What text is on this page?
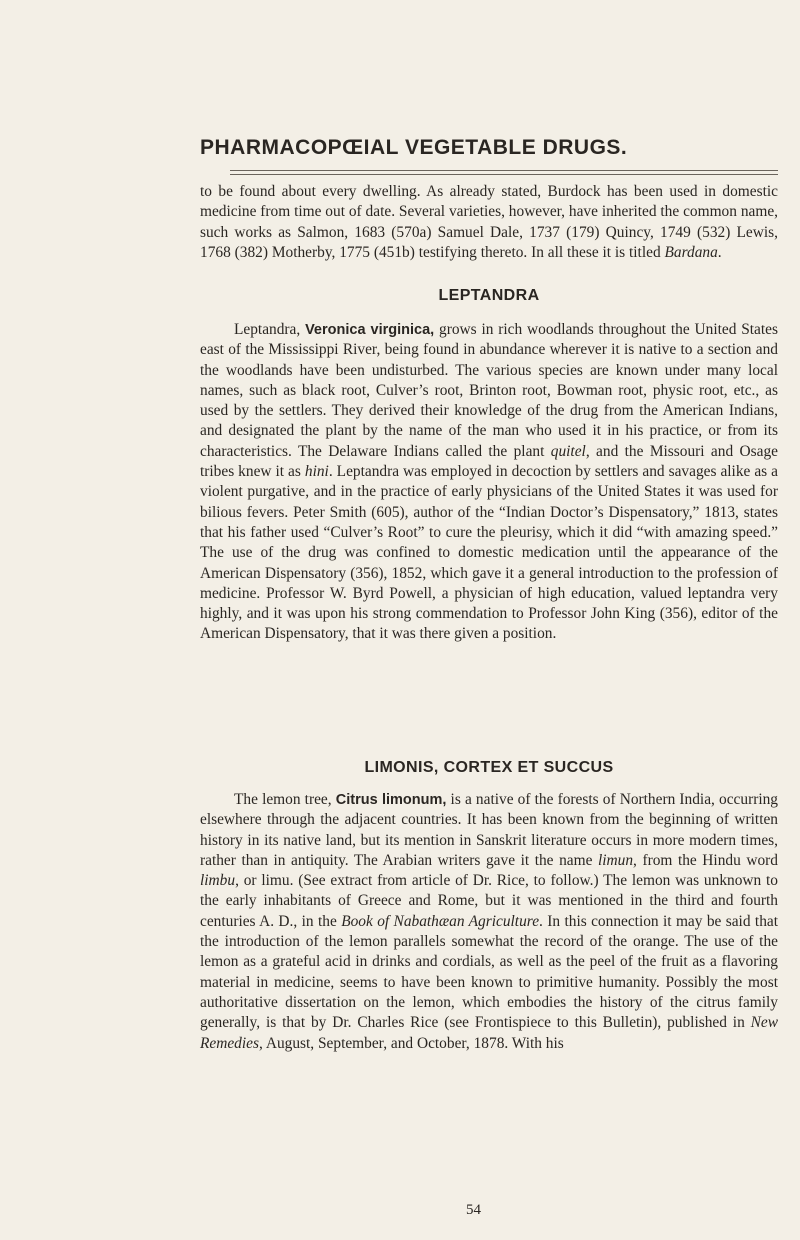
PHARMACOPŒIAL VEGETABLE DRUGS.

to be found about every dwelling. As already stated, Burdock has been used in domestic medicine from time out of date. Several varieties, however, have inherited the common name, such works as Salmon, 1683 (570a) Samuel Dale, 1737 (179) Quincy, 1749 (532) Lewis, 1768 (382) Motherby, 1775 (451b) testifying thereto. In all these it is titled Bardana.

LEPTANDRA

Leptandra, Veronica virginica, grows in rich woodlands throughout the United States east of the Mississippi River, being found in abundance wherever it is native to a section and the woodlands have been undisturbed. The various species are known under many local names, such as black root, Culver’s root, Brinton root, Bowman root, physic root, etc., as used by the settlers. They derived their knowledge of the drug from the American Indians, and designated the plant by the name of the man who used it in his practice, or from its characteristics. The Delaware Indians called the plant quitel, and the Missouri and Osage tribes knew it as hini. Leptandra was employed in decoction by settlers and savages alike as a violent purgative, and in the practice of early physicians of the United States it was used for bilious fevers. Peter Smith (605), author of the “Indian Doctor’s Dispensatory,” 1813, states that his father used “Culver’s Root” to cure the pleurisy, which it did “with amazing speed.” The use of the drug was confined to domestic medication until the appearance of the American Dispensatory (356), 1852, which gave it a general introduction to the profession of medicine. Professor W. Byrd Powell, a physician of high education, valued leptandra very highly, and it was upon his strong commendation to Professor John King (356), editor of the American Dispensatory, that it was there given a position.

LIMONIS, CORTEX ET SUCCUS

The lemon tree, Citrus limonum, is a native of the forests of Northern India, occurring elsewhere through the adjacent countries. It has been known from the beginning of written history in its native land, but its mention in Sanskrit literature occurs in more modern times, rather than in antiquity. The Arabian writers gave it the name limun, from the Hindu word limbu, or limu. (See extract from article of Dr. Rice, to follow.) The lemon was unknown to the early inhabitants of Greece and Rome, but it was mentioned in the third and fourth centuries A. D., in the Book of Nabathæan Agriculture. In this connection it may be said that the introduction of the lemon parallels somewhat the record of the orange. The use of the lemon as a grateful acid in drinks and cordials, as well as the peel of the fruit as a flavoring material in medicine, seems to have been known to primitive humanity. Possibly the most authoritative dissertation on the lemon, which embodies the history of the citrus family generally, is that by Dr. Charles Rice (see Frontispiece to this Bulletin), published in New Remedies, August, September, and October, 1878. With his

54
